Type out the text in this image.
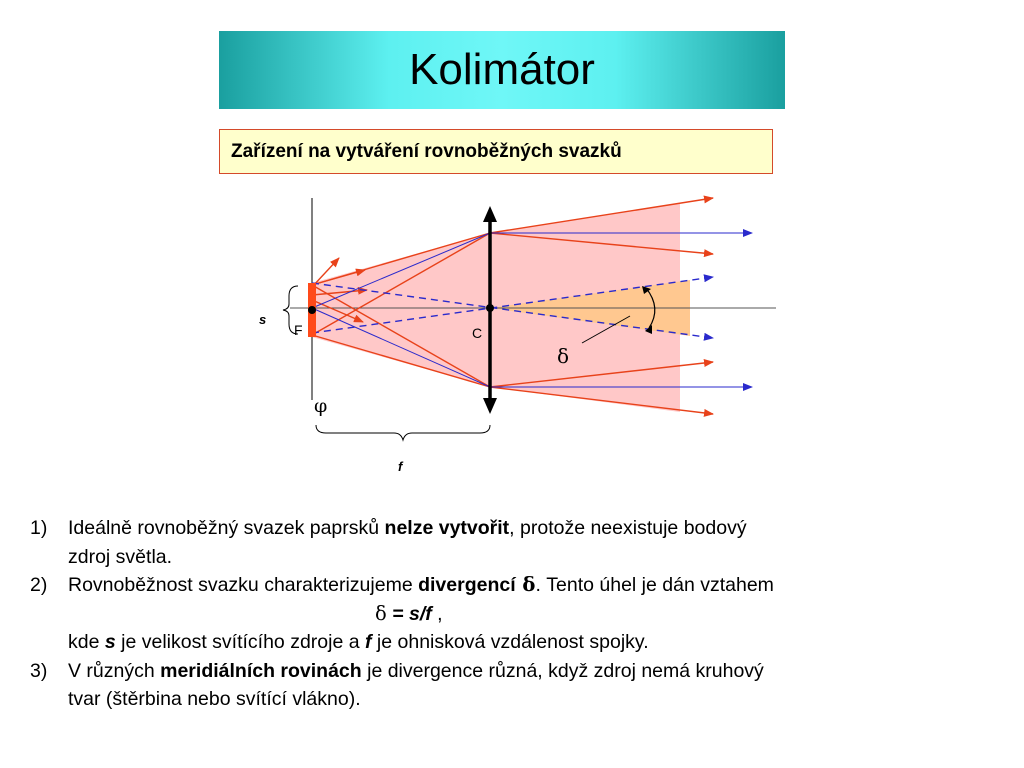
Kolimátor
Zařízení na vytváření rovnoběžných svazků
s
F	C
δ
φ
f
1) Ideálně rovnoběžný svazek paprsků nelze vytvořit, protože neexistuje bodový
zdroj světla.
2) Rovnoběžnost svazku charakterizujeme divergencí δ. Tento úhel je dán vztahem
δ = s/f ,
kde s je velikost svítícího zdroje a f je ohnisková vzdálenost spojky.
3) V různých meridiálních rovinách je divergence různá, když zdroj nemá kruhový
tvar (štěrbina nebo svítící vlákno).
